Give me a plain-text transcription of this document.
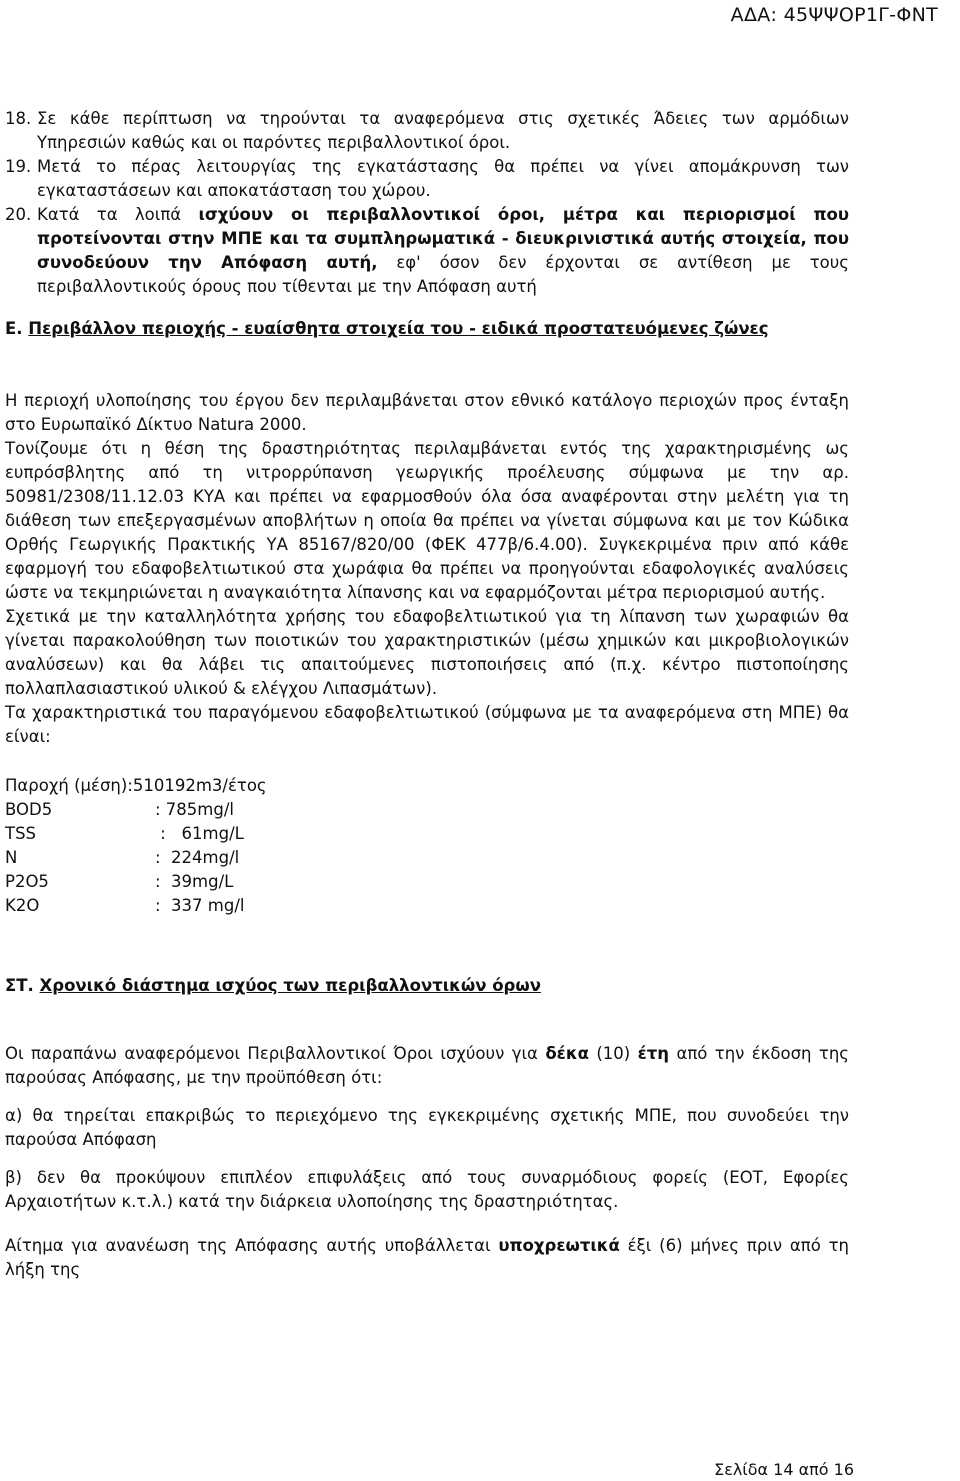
ΑΔΑ: 45ΨΨΟΡ1Γ-ΦΝΤ
18. Σε κάθε περίπτωση να τηρούνται τα αναφερόμενα στις σχετικές Άδειες των αρμόδιων Υπηρεσιών καθώς και οι παρόντες περιβαλλοντικοί όροι.
19. Μετά το πέρας λειτουργίας της εγκατάστασης θα πρέπει να γίνει απομάκρυνση των εγκαταστάσεων και αποκατάσταση του χώρου.
20. Κατά τα λοιπά ισχύουν οι περιβαλλοντικοί όροι, μέτρα και περιορισμοί που προτείνονται στην ΜΠΕ και τα συμπληρωματικά - διευκρινιστικά αυτής στοιχεία, που συνοδεύουν την Απόφαση αυτή, εφ' όσον δεν έρχονται σε αντίθεση με τους περιβαλλοντικούς όρους που τίθενται με την Απόφαση αυτή

Ε. Περιβάλλον περιοχής - ευαίσθητα στοιχεία του - ειδικά προστατευόμενες ζώνες

Η περιοχή υλοποίησης του έργου δεν περιλαμβάνεται στον εθνικό κατάλογο περιοχών προς ένταξη στο Ευρωπαϊκό Δίκτυο Natura 2000.

Τονίζουμε ότι η θέση της δραστηριότητας περιλαμβάνεται εντός της χαρακτηρισμένης ως ευπρόσβλητης από τη νιτρορρύπανση γεωργικής προέλευσης σύμφωνα με την αρ. 50981/2308/11.12.03 ΚΥΑ και πρέπει να εφαρμοσθούν όλα όσα αναφέρονται στην μελέτη για τη διάθεση των επεξεργασμένων αποβλήτων η οποία θα πρέπει να γίνεται σύμφωνα και με τον Κώδικα Ορθής Γεωργικής Πρακτικής ΥΑ 85167/820/00 (ΦΕΚ 477β/6.4.00). Συγκεκριμένα πριν από κάθε εφαρμογή του εδαφοβελτιωτικού στα χωράφια θα πρέπει να προηγούνται εδαφολογικές αναλύσεις ώστε να τεκμηριώνεται η αναγκαιότητα λίπανσης και να εφαρμόζονται μέτρα περιορισμού αυτής.

Σχετικά με την καταλληλότητα χρήσης του εδαφοβελτιωτικού για τη λίπανση των χωραφιών θα γίνεται παρακολούθηση των ποιοτικών του χαρακτηριστικών (μέσω χημικών και μικροβιολογικών αναλύσεων) και θα λάβει τις απαιτούμενες πιστοποιήσεις από (π.χ. κέντρο πιστοποίησης πολλαπλασιαστικού υλικού & ελέγχου Λιπασμάτων).

Τα χαρακτηριστικά του παραγόμενου εδαφοβελτιωτικού (σύμφωνα με τα αναφερόμενα στη ΜΠΕ) θα είναι:

Παροχή (μέση) :510192m3/έτος
BOD5	: 785mg/l
TSS	:   61mg/L
N	:  224mg/l
P2O5	:  39mg/L
K2O	:  337 mg/l

ΣΤ. Χρονικό διάστημα ισχύος των περιβαλλοντικών όρων

Οι παραπάνω αναφερόμενοι Περιβαλλοντικοί Όροι ισχύουν για δέκα (10) έτη από την έκδοση της παρούσας Απόφασης, με την προϋπόθεση ότι:

α) θα τηρείται επακριβώς το περιεχόμενο της εγκεκριμένης σχετικής ΜΠΕ, που συνοδεύει την παρούσα Απόφαση

β) δεν θα προκύψουν επιπλέον επιφυλάξεις από τους συναρμόδιους φορείς (ΕΟΤ, Εφορίες Αρχαιοτήτων κ.τ.λ.) κατά την διάρκεια υλοποίησης της δραστηριότητας.

Αίτημα για ανανέωση της Απόφασης αυτής υποβάλλεται υποχρεωτικά έξι (6) μήνες πριν από τη λήξη της

Σελίδα 14 από 16
